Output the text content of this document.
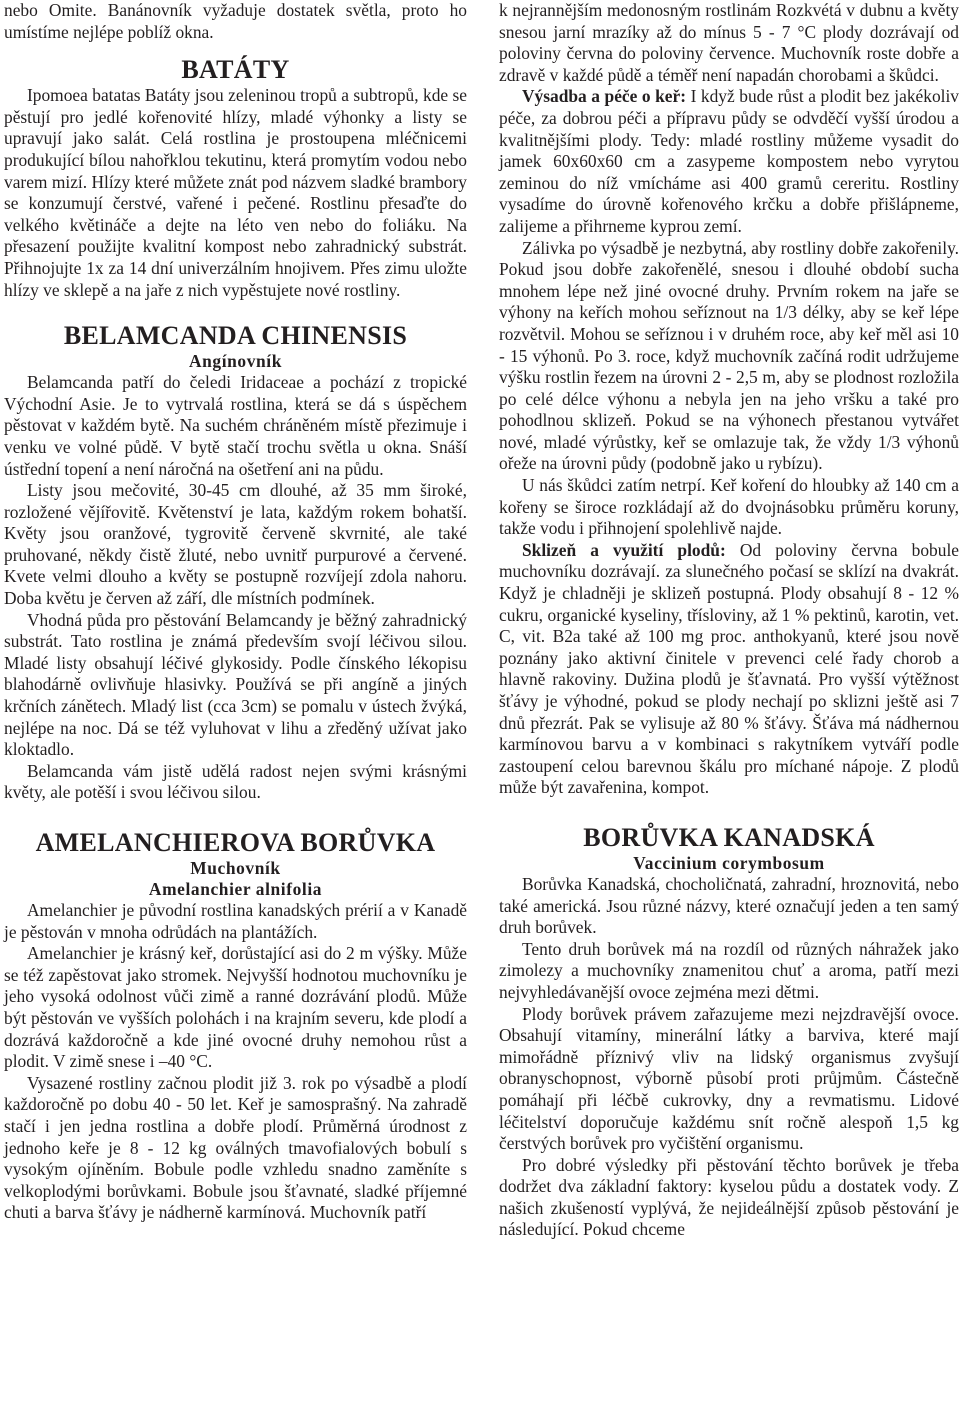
nebo Omite. Banánovník vyžaduje dostatek světla, proto ho umístíme nejlépe poblíž okna.

BATÁTY

Ipomoea batatas Batáty jsou zeleninou tropů a subtropů, kde se pěstují pro jedlé kořenovité hlízy, mladé výhonky a listy se upravují jako salát. Celá rostlina je prostoupena mléčnicemi produkující bílou nahořklou tekutinu, která promytím vodou nebo varem mizí. Hlízy které můžete znát pod názvem sladké brambory se konzumují čerstvé, vařené i pečené. Rostlinu přesaďte do velkého květináče a dejte na léto ven nebo do foliáku. Na přesazení použijte kvalitní kompost nebo zahradnický substrát. Přihnojujte 1x za 14 dní univerzálním hnojivem. Přes zimu uložte hlízy ve sklepě a na jaře z nich vypěstujete nové rostliny.

BELAMCANDA CHINENSIS
Angínovník

Belamcanda patří do čeledi Iridaceae a pochází z tropické Východní Asie. Je to vytrvalá rostlina, která se dá s úspěchem pěstovat v každém bytě. Na suchém chráněném místě přezimuje i venku ve volné půdě. V bytě stačí trochu světla u okna. Snáší ústřední topení a není náročná na ošetření ani na půdu.

Listy jsou mečovité, 30-45 cm dlouhé, až 35 mm široké, rozložené vějířovitě. Květenství je lata, každým rokem bohatší. Květy jsou oranžové, tygrovitě červeně skvrnité, ale také pruhované, někdy čistě žluté, nebo uvnitř purpurové a červené. Kvete velmi dlouho a květy se postupně rozvíjejí zdola nahoru. Doba květu je červen až září, dle místních podmínek.

Vhodná půda pro pěstování Belamcandy je běžný zahradnický substrát. Tato rostlina je známá především svojí léčivou silou. Mladé listy obsahují léčivé glykosidy. Podle čínského lékopisu blahodárně ovlivňuje hlasivky. Používá se při angíně a jiných krčních zánětech. Mladý list (cca 3cm) se pomalu v ústech žvýká, nejlépe na noc. Dá se též vyluhovat v lihu a zředěný užívat jako kloktadlo.

Belamcanda vám jistě udělá radost nejen svými krásnými květy, ale potěší i svou léčivou silou.

AMELANCHIEROVA BORŮVKA
Muchovník
Amelanchier alnifolia

Amelanchier je původní rostlina kanadských prérií a v Kanadě je pěstován v mnoha odrůdách na plantážích.

Amelanchier je krásný keř, dorůstající asi do 2 m výšky. Může se též zapěstovat jako stromek. Nejvyšší hodnotou muchovníku je jeho vysoká odolnost vůči zimě a ranné dozrávání plodů. Může být pěstován ve vyšších polohách i na krajním severu, kde plodí a dozrává každoročně a kde jiné ovocné druhy nemohou růst a plodit. V zimě snese i –40 °C.

Vysazené rostliny začnou plodit již 3. rok po výsadbě a plodí každoročně po dobu 40 - 50 let. Keř je samosprašný. Na zahradě stačí i jen jedna rostlina a dobře plodí. Průměrná úrodnost z jednoho keře je 8 - 12 kg oválných tmavofialových bobulí s vysokým ojíněním. Bobule podle vzhledu snadno zaměníte s velkoplodými borůvkami. Bobule jsou šťavnaté, sladké příjemné chuti a barva šťávy je nádherně karmínová. Muchovník patří

k nejrannějším medonosným rostlinám Rozkvétá v dubnu a květy snesou jarní mrazíky až do mínus 5 - 7 °C plody dozrávají od poloviny června do poloviny července. Muchovník roste dobře a zdravě v každé půdě a téměř není napadán chorobami a škůdci.

Výsadba a péče o keř: I když bude růst a plodit bez jakékoliv péče, za dobrou péči a přípravu půdy se odvděčí vyšší úrodou a kvalitnějšími plody. Tedy: mladé rostliny můžeme vysadit do jamek 60x60x60 cm a zasypeme kompostem nebo vyrytou zeminou do níž vmícháme asi 400 gramů cereritu. Rostliny vysadíme do úrovně kořenového krčku a dobře přišlápneme, zalijeme a přihrneme kyprou zemí.

Zálivka po výsadbě je nezbytná, aby rostliny dobře zakořenily. Pokud jsou dobře zakořenělé, snesou i dlouhé období sucha mnohem lépe než jiné ovocné druhy. Prvním rokem na jaře se výhony na keřích mohou seříznout na 1/3 délky, aby se keř lépe rozvětvil. Mohou se seříznou i v druhém roce, aby keř měl asi 10 - 15 výhonů. Po 3. roce, když muchovník začíná rodit udržujeme výšku rostlin řezem na úrovni 2 - 2,5 m, aby se plodnost rozložila po celé délce výhonu a nebyla jen na jeho vršku a také pro pohodlnou sklizeň. Pokud se na výhonech přestanou vytvářet nové, mladé výrůstky, keř se omlazuje tak, že vždy 1/3 výhonů ořeže na úrovni půdy (podobně jako u rybízu).

U nás škůdci zatím netrpí. Keř koření do hloubky až 140 cm a kořeny se široce rozkládají až do dvojnásobku průměru koruny, takže vodu i přihnojení spolehlivě najde.

Sklizeň a využití plodů: Od poloviny června bobule muchovníku dozrávají. za slunečného počasí se sklízí na dvakrát. Když je chladněji je sklizeň postupná. Plody obsahují 8 - 12 % cukru, organické kyseliny, třísloviny, až 1 % pektinů, karotin, vet. C, vit. B2a také až 100 mg proc. anthokyanů, které jsou nově poznány jako aktivní činitele v prevenci celé řady chorob a hlavně rakoviny. Dužina plodů je šťavnatá. Pro vyšší výtěžnost šťávy je výhodné, pokud se plody nechají po sklizni ještě asi 7 dnů přezrát. Pak se vylisuje až 80 % šťávy. Šťáva má nádhernou karmínovou barvu a v kombinaci s rakytníkem vytváří podle zastoupení celou barevnou škálu pro míchané nápoje. Z plodů může být zavařenina, kompot.

BORŮVKA KANADSKÁ
Vaccinium corymbosum

Borůvka Kanadská, chocholičnatá, zahradní, hroznovitá, nebo také americká. Jsou různé názvy, které označují jeden a ten samý druh borůvek.

Tento druh borůvek má na rozdíl od různých náhražek jako zimolezy a muchovníky znamenitou chuť a aroma, patří mezi nejvyhledávanější ovoce zejména mezi dětmi.

Plody borůvek právem zařazujeme mezi nejzdravější ovoce. Obsahují vitamíny, minerální látky a barviva, které mají mimořádně příznivý vliv na lidský organismus zvyšují obranyschopnost, výborně působí proti průjmům. Částečně pomáhají při léčbě cukrovky, dny a revmatismu. Lidové léčitelství doporučuje každému snít ročně alespoň 1,5 kg čerstvých borůvek pro vyčištění organismu.

Pro dobré výsledky při pěstování těchto borůvek je třeba dodržet dva základní faktory: kyselou půdu a dostatek vody. Z našich zkušeností vyplývá, že nejideálnější způsob pěstování je následující. Pokud chceme
